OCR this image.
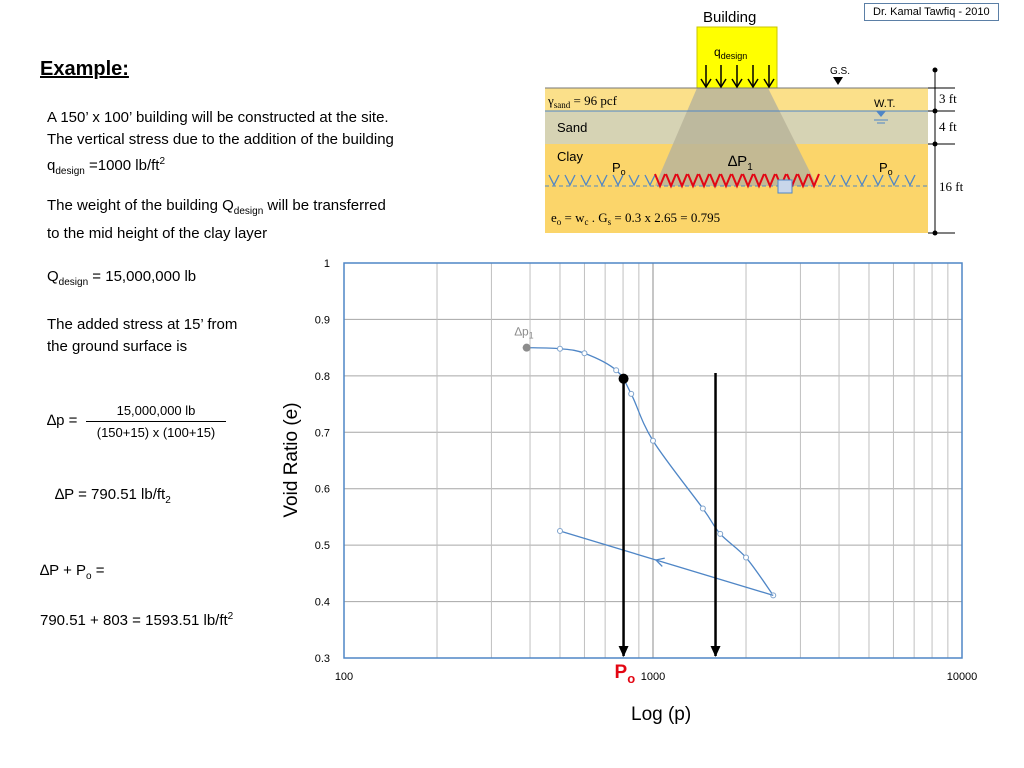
Dr. Kamal Tawfiq - 2010
Example:
A 150’ x 100’ building will be constructed at the site.
The vertical stress due to the addition of the building
$q_{design} =1000$ $lb/ft^2$
The weight of the building $Q_{design}$ will be transferred
to the mid height of the clay layer
$Q_{design} = 15,000,000$ lb
The added stress at 15’ from
the ground surface is
∆p =
15,000,000 lb
(150+15) x (100+15)
∆P = 790.51 $lb/ft_2$
$\Delta P + P_o$ =
790.51 + 803 = 1593.51 $lb/ft^2$
Building
$q_{design}$
G.S.
W.T.
$\gamma_{sand} = 96$ pcf
Sand
Clay
$P_o$	$P_o$
$\Delta P_1$
$e_o = w_c$ . $G_s = 0.3$ x 2.65 = 0.795
3 ft
4 ft
16 ft
0.3
0.4
0.5
0.6
0.7
0.8
0.9
1
100	1000	10000
$\Delta p_1$
$P_o$
Log (p)
Void Ratio (e)
